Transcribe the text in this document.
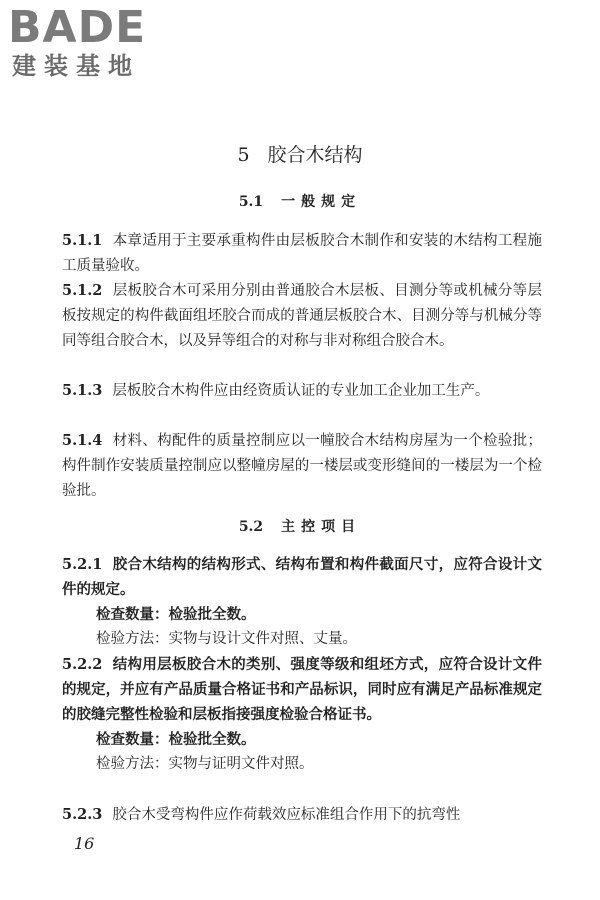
BADE
建装基地
5 胶合木结构
5.1 一般规定
5.1.1 本章适用于主要承重构件由层板胶合木制作和安装的木结构工程施工质量验收。
5.1.2 层板胶合木可采用分别由普通胶合木层板、目测分等或机械分等层板按规定的构件截面组坯胶合而成的普通层板胶合木、目测分等与机械分等同等组合胶合木，以及异等组合的对称与非对称组合胶合木。
5.1.3 层板胶合木构件应由经资质认证的专业加工企业加工生产。
5.1.4 材料、构配件的质量控制应以一幢胶合木结构房屋为一个检验批；构件制作安装质量控制应以整幢房屋的一楼层或变形缝间的一楼层为一个检验批。
5.2 主控项目
5.2.1 胶合木结构的结构形式、结构布置和构件截面尺寸，应符合设计文件的规定。
检查数量：检验批全数。
检验方法：实物与设计文件对照、丈量。
5.2.2 结构用层板胶合木的类别、强度等级和组坯方式，应符合设计文件的规定，并应有产品质量合格证书和产品标识，同时应有满足产品标准规定的胶缝完整性检验和层板指接强度检验合格证书。
检查数量：检验批全数。
检验方法：实物与证明文件对照。
5.2.3 胶合木受弯构件应作荷载效应标准组合作用下的抗弯性
16
